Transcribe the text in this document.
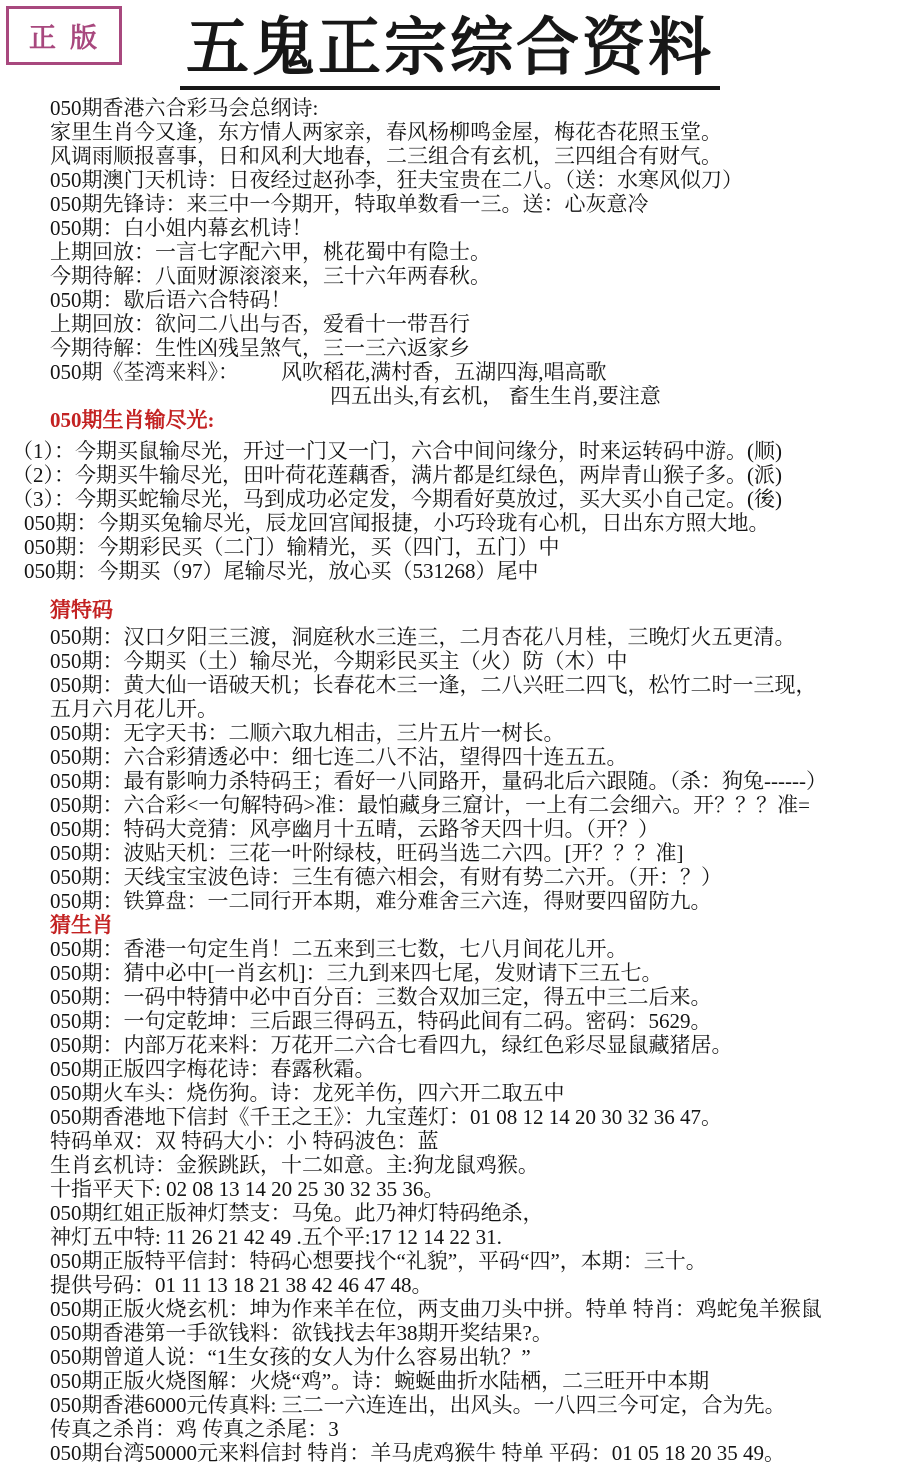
正版	五鬼正宗综合资料
050期香港六合彩马会总纲诗:
家里生肖今又逢，东方情人两家亲，春风杨柳鸣金屋，梅花杏花照玉堂。
风调雨顺报喜事，日和风利大地春，二三组合有玄机，三四组合有财气。
050期澳门天机诗：日夜经过赵孙李，狂夫宝贵在二八。（送：水寒风似刀）
050期先锋诗：来三中一今期开，特取单数看一三。送：心灰意冷
050期：白小姐内幕玄机诗！
上期回放：一言七字配六甲，桃花蜀中有隐士。
今期待解：八面财源滚滚来，三十六年两春秋。
050期：歇后语六合特码！
上期回放：欲问二八出与否，爱看十一带吾行
今期待解：生性凶残呈煞气，三一三六返家乡
050期《荃湾来料》：        风吹稻花,满村香，五湖四海,唱高歌
四五出头,有玄机， 畜生生肖,要注意
050期生肖输尽光:
（1）：今期买鼠输尽光，开过一门又一门，六合中间问缘分，时来运转码中游。(顺)
（2）：今期买牛输尽光，田叶荷花莲藕香，满片都是红绿色，两岸青山猴子多。(派)
（3）：今期买蛇输尽光，马到成功必定发，今期看好莫放过，买大买小自己定。(後)
050期：今期买兔输尽光，辰龙回宫闻报捷，小巧玲珑有心机，日出东方照大地。
050期：今期彩民买（二门）输精光，买（四门，五门）中
050期：今期买（97）尾输尽光，放心买（531268）尾中
猜特码
050期：汉口夕阳三三渡，洞庭秋水三连三，二月杏花八月桂，三晚灯火五更清。
050期：今期买（土）输尽光，今期彩民买主（火）防（木）中
050期：黄大仙一语破天机；长春花木三一逢，二八兴旺二四飞，松竹二时一三现，
五月六月花儿开。
050期：无字天书：二顺六取九相击，三片五片一树长。
050期：六合彩猜透必中：细七连二八不沾，望得四十连五五。
050期：最有影响力杀特码王；看好一八同路开，量码北后六跟随。（杀：狗兔------）
050期：六合彩<一句解特码>准：最怕藏身三窟计，一上有二会细六。开？？？准=
050期：特码大竞猜：风亭幽月十五晴，云路爷天四十归。（开？）
050期：波贴天机：三花一叶附绿枝，旺码当选二六四。[开？？？准]
050期：天线宝宝波色诗：三生有德六相会，有财有势二六开。（开：？）
050期：铁算盘：一二同行开本期，难分难舍三六连，得财要四留防九。
猜生肖
050期：香港一句定生肖！二五来到三七数，七八月间花儿开。
050期：猜中必中[一肖玄机]：三九到来四七尾，发财请下三五七。
050期：一码中特猜中必中百分百：三数合双加三定，得五中三二后来。
050期：一句定乾坤：三后跟三得码五，特码此间有二码。密码：5629。
050期：内部万花来料：万花开二六合七看四九，绿红色彩尽显鼠藏猪居。
050期正版四字梅花诗：春露秋霜。
050期火车头：烧伤狗。诗：龙死羊伤，四六开二取五中
050期香港地下信封《千王之王》：九宝莲灯：01 08 12 14 20 30 32 36 47。
特码单双：双 特码大小：小 特码波色：蓝
生肖玄机诗：金猴跳跃，十二如意。主:狗龙鼠鸡猴。
十指平天下: 02 08 13 14 20 25 30 32 35 36。
050期红姐正版神灯禁支：马兔。此乃神灯特码绝杀，
神灯五中特: 11 26 21 42 49 .五个平:17 12 14 22 31.
050期正版特平信封：特码心想要找个“礼貌”，平码“四”，本期：三十。
提供号码：01 11 13 18 21 38 42 46 47 48。
050期正版火烧玄机：坤为作来羊在位，两支曲刀头中拼。特单 特肖：鸡蛇兔羊猴鼠
050期香港第一手欲钱料：欲钱找去年38期开奖结果?。
050期曾道人说：“1生女孩的女人为什么容易出轨？”
050期正版火烧图解：火烧“鸡”。诗：蜿蜒曲折水陆栖，二三旺开中本期
050期香港6000元传真料: 三二一六连连出，出风头。一八四三今可定，合为先。
传真之杀肖：鸡 传真之杀尾：3
050期台湾50000元来料信封 特肖：羊马虎鸡猴牛 特单 平码：01 05 18 20 35 49。
